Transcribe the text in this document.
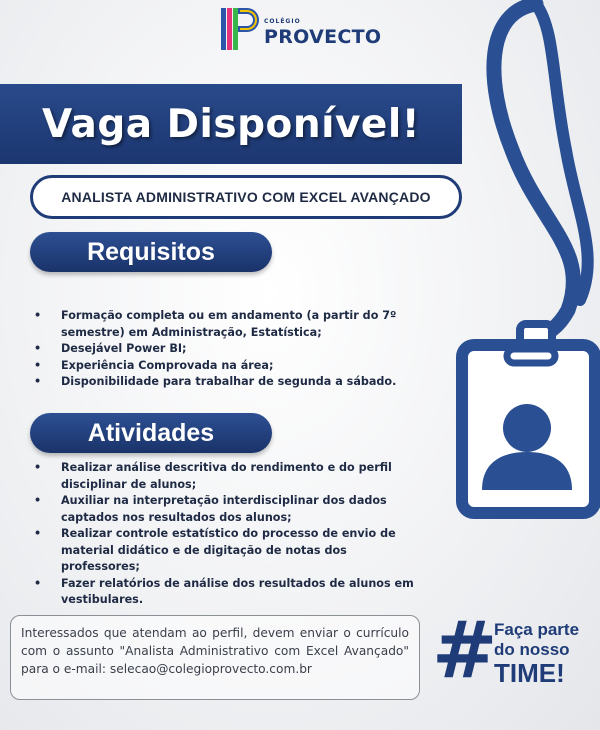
COLÉGIO
PROVECTO
Vaga Disponível!
ANALISTA ADMINISTRATIVO COM EXCEL AVANÇADO
Requisitos
• Formação completa ou em andamento (a partir do 7º semestre) em Administração, Estatística;
• Desejável Power BI;
• Experiência Comprovada na área;
• Disponibilidade para trabalhar de segunda a sábado.
Atividades
• Realizar análise descritiva do rendimento e do perfil disciplinar de alunos;
• Auxiliar na interpretação interdisciplinar dos dados captados nos resultados dos alunos;
• Realizar controle estatístico do processo de envio de material didático e de digitação de notas dos professores;
• Fazer relatórios de análise dos resultados de alunos em vestibulares.
Interessados que atendam ao perfil, devem enviar o currículo com o assunto "Analista Administrativo com Excel Avançado" para o e-mail: selecao@colegioprovecto.com.br	#
Faça parte
do nosso
TIME!
